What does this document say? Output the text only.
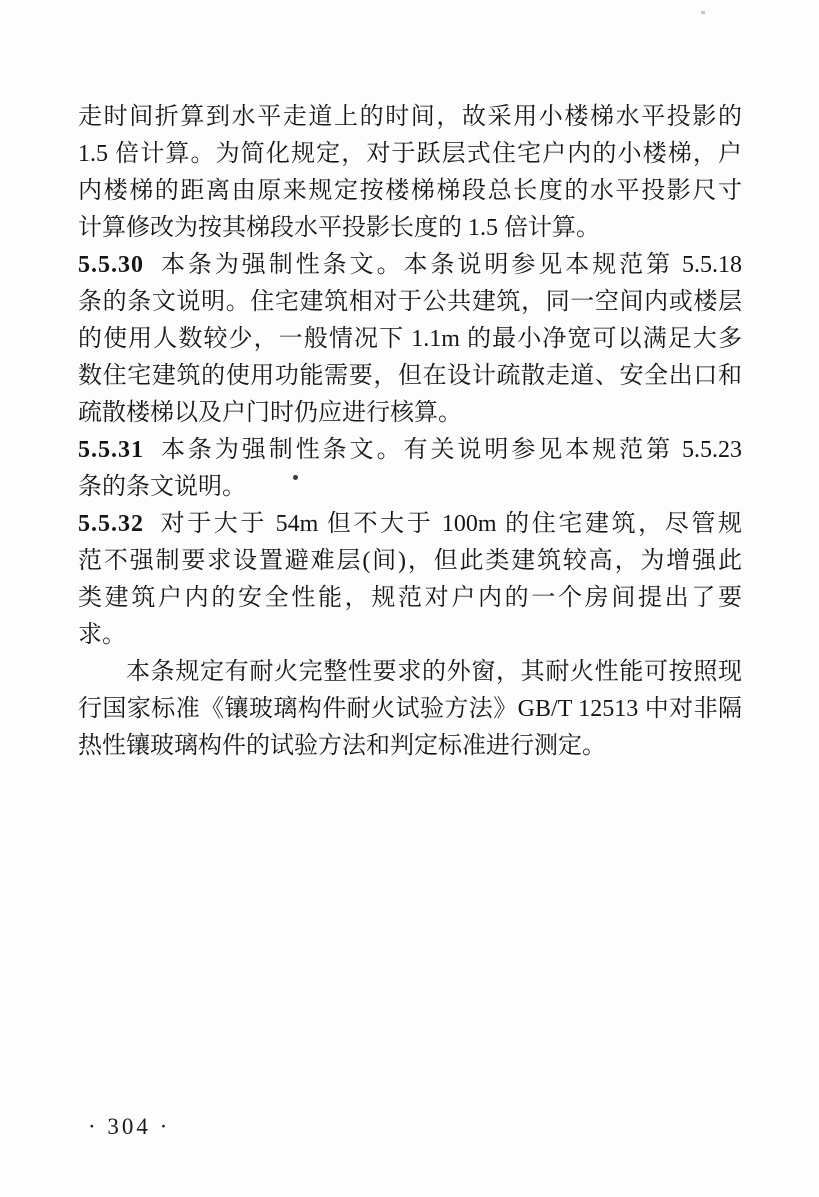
走时间折算到水平走道上的时间，故采用小楼梯水平投影的
1.5 倍计算。为简化规定，对于跃层式住宅户内的小楼梯，户
内楼梯的距离由原来规定按楼梯梯段总长度的水平投影尺寸
计算修改为按其梯段水平投影长度的 1.5 倍计算。
5.5.30 本条为强制性条文。本条说明参见本规范第 5.5.18
条的条文说明。住宅建筑相对于公共建筑，同一空间内或楼层
的使用人数较少，一般情况下 1.1m 的最小净宽可以满足大多
数住宅建筑的使用功能需要，但在设计疏散走道、安全出口和
疏散楼梯以及户门时仍应进行核算。
5.5.31 本条为强制性条文。有关说明参见本规范第 5.5.23
条的条文说明。
5.5.32 对于大于 54m 但不大于 100m 的住宅建筑，尽管规
范不强制要求设置避难层(间)，但此类建筑较高，为增强此
类建筑户内的安全性能，规范对户内的一个房间提出了要
求。
本条规定有耐火完整性要求的外窗，其耐火性能可按照现
行国家标准《镶玻璃构件耐火试验方法》GB/T 12513 中对非隔
热性镶玻璃构件的试验方法和判定标准进行测定。
· 304 ·
